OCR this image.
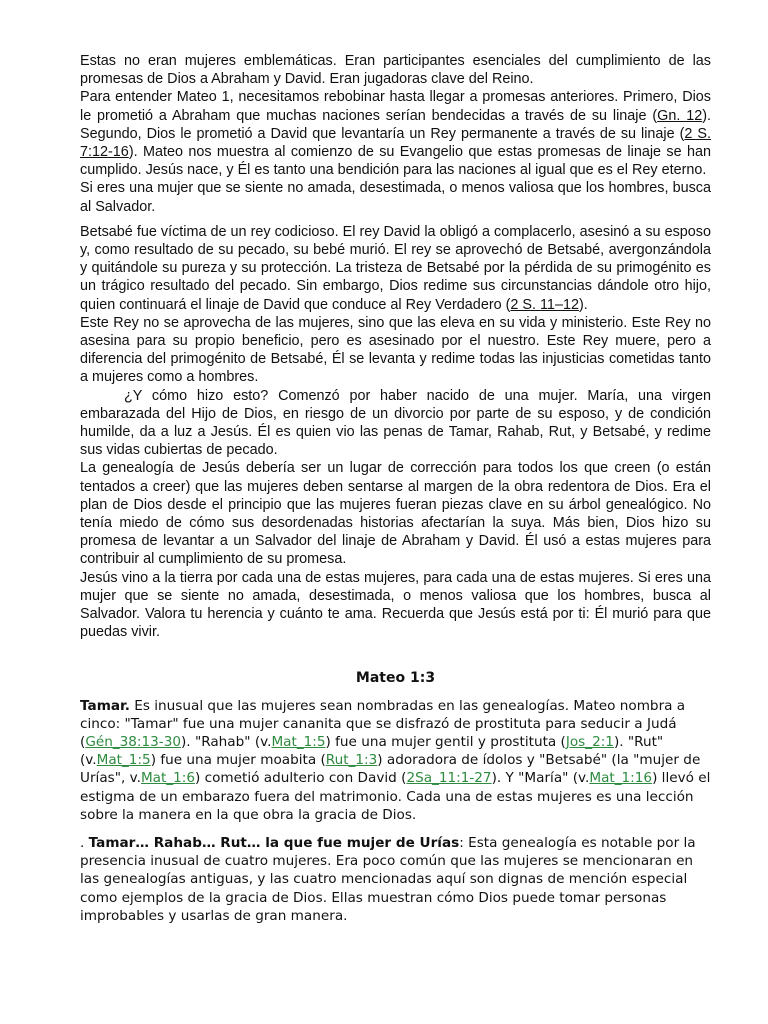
Estas no eran mujeres emblemáticas. Eran participantes esenciales del cumplimiento de las promesas de Dios a Abraham y David. Eran jugadoras clave del Reino.

Para entender Mateo 1, necesitamos rebobinar hasta llegar a promesas anteriores. Primero, Dios le prometió a Abraham que muchas naciones serían bendecidas a través de su linaje (Gn. 12). Segundo, Dios le prometió a David que levantaría un Rey permanente a través de su linaje (2 S. 7:12-16). Mateo nos muestra al comienzo de su Evangelio que estas promesas de linaje se han cumplido. Jesús nace, y Él es tanto una bendición para las naciones al igual que es el Rey eterno.

Si eres una mujer que se siente no amada, desestimada, o menos valiosa que los hombres, busca al Salvador.

Betsabé fue víctima de un rey codicioso. El rey David la obligó a complacerlo, asesinó a su esposo y, como resultado de su pecado, su bebé murió. El rey se aprovechó de Betsabé, avergonzándola y quitándole su pureza y su protección. La tristeza de Betsabé por la pérdida de su primogénito es un trágico resultado del pecado. Sin embargo, Dios redime sus circunstancias dándole otro hijo, quien continuará el linaje de David que conduce al Rey Verdadero (2 S. 11–12).

Este Rey no se aprovecha de las mujeres, sino que las eleva en su vida y ministerio. Este Rey no asesina para su propio beneficio, pero es asesinado por el nuestro. Este Rey muere, pero a diferencia del primogénito de Betsabé, Él se levanta y redime todas las injusticias cometidas tanto a mujeres como a hombres.

¿Y cómo hizo esto? Comenzó por haber nacido de una mujer. María, una virgen embarazada del Hijo de Dios, en riesgo de un divorcio por parte de su esposo, y de condición humilde, da a luz a Jesús. Él es quien vio las penas de Tamar, Rahab, Rut, y Betsabé, y redime sus vidas cubiertas de pecado.

La genealogía de Jesús debería ser un lugar de corrección para todos los que creen (o están tentados a creer) que las mujeres deben sentarse al margen de la obra redentora de Dios. Era el plan de Dios desde el principio que las mujeres fueran piezas clave en su árbol genealógico. No tenía miedo de cómo sus desordenadas historias afectarían la suya. Más bien, Dios hizo su promesa de levantar a un Salvador del linaje de Abraham y David. Él usó a estas mujeres para contribuir al cumplimiento de su promesa.

Jesús vino a la tierra por cada una de estas mujeres, para cada una de estas mujeres. Si eres una mujer que se siente no amada, desestimada, o menos valiosa que los hombres, busca al Salvador. Valora tu herencia y cuánto te ama. Recuerda que Jesús está por ti: Él murió para que puedas vivir.

Mateo 1:3

Tamar. Es inusual que las mujeres sean nombradas en las genealogías. Mateo nombra a cinco: "Tamar" fue una mujer cananita que se disfrazó de prostituta para seducir a Judá (Gén_38:13-30). "Rahab" (v.Mat_1:5) fue una mujer gentil y prostituta (Jos_2:1). "Rut" (v.Mat_1:5) fue una mujer moabita (Rut_1:3) adoradora de ídolos y "Betsabé" (la "mujer de Urías", v.Mat_1:6) cometió adulterio con David (2Sa_11:1-27). Y "María" (v.Mat_1:16) llevó el estigma de un embarazo fuera del matrimonio. Cada una de estas mujeres es una lección sobre la manera en la que obra la gracia de Dios.

. Tamar… Rahab… Rut… la que fue mujer de Urías: Esta genealogía es notable por la presencia inusual de cuatro mujeres. Era poco común que las mujeres se mencionaran en las genealogías antiguas, y las cuatro mencionadas aquí son dignas de mención especial como ejemplos de la gracia de Dios. Ellas muestran cómo Dios puede tomar personas improbables y usarlas de gran manera.
